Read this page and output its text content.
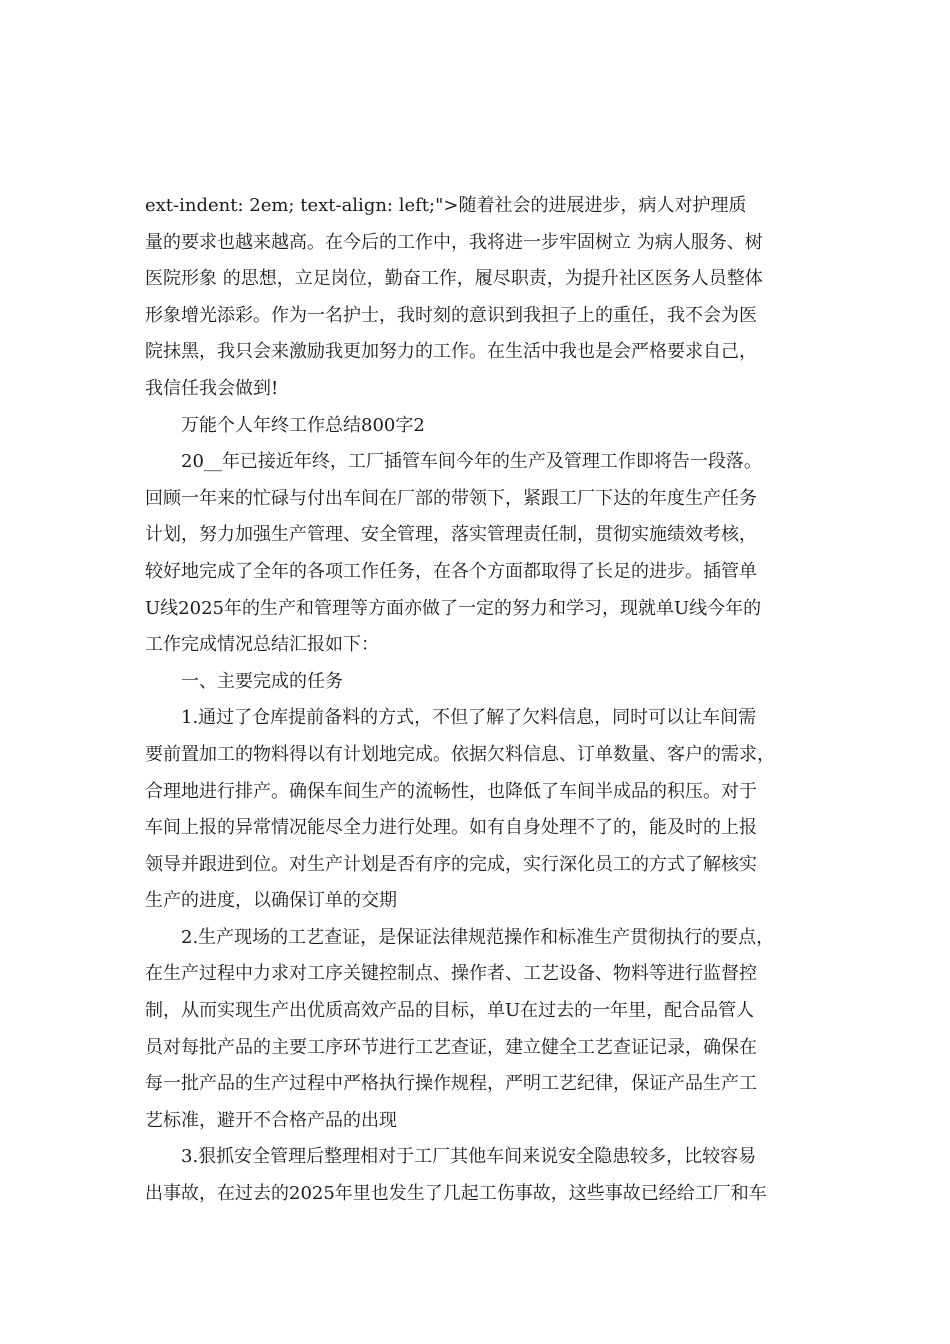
ext-indent: 2em; text-align: left;">随着社会的进展进步，病人对护理质
量的要求也越来越高。在今后的工作中，我将进一步牢固树立 为病人服务、树
医院形象 的思想，立足岗位，勤奋工作，履尽职责，为提升社区医务人员整体
形象增光添彩。作为一名护士，我时刻的意识到我担子上的重任，我不会为医
院抹黑，我只会来激励我更加努力的工作。在生活中我也是会严格要求自己，
我信任我会做到!
万能个人年终工作总结800字2
20__年已接近年终，工厂插管车间今年的生产及管理工作即将告一段落。
回顾一年来的忙碌与付出车间在厂部的带领下，紧跟工厂下达的年度生产任务
计划，努力加强生产管理、安全管理，落实管理责任制，贯彻实施绩效考核，
较好地完成了全年的各项工作任务，在各个方面都取得了长足的进步。插管单
U线2025年的生产和管理等方面亦做了一定的努力和学习，现就单U线今年的
工作完成情况总结汇报如下：
一、主要完成的任务
1.通过了仓库提前备料的方式，不但了解了欠料信息，同时可以让车间需
要前置加工的物料得以有计划地完成。依据欠料信息、订单数量、客户的需求，
合理地进行排产。确保车间生产的流畅性，也降低了车间半成品的积压。对于
车间上报的异常情况能尽全力进行处理。如有自身处理不了的，能及时的上报
领导并跟进到位。对生产计划是否有序的完成，实行深化员工的方式了解核实
生产的进度，以确保订单的交期
2.生产现场的工艺查证，是保证法律规范操作和标准生产贯彻执行的要点，
在生产过程中力求对工序关键控制点、操作者、工艺设备、物料等进行监督控
制，从而实现生产出优质高效产品的目标，单U在过去的一年里，配合品管人
员对每批产品的主要工序环节进行工艺查证，建立健全工艺查证记录，确保在
每一批产品的生产过程中严格执行操作规程，严明工艺纪律，保证产品生产工
艺标准，避开不合格产品的出现
3.狠抓安全管理后整理相对于工厂其他车间来说安全隐患较多，比较容易
出事故，在过去的2025年里也发生了几起工伤事故，这些事故已经给工厂和车
